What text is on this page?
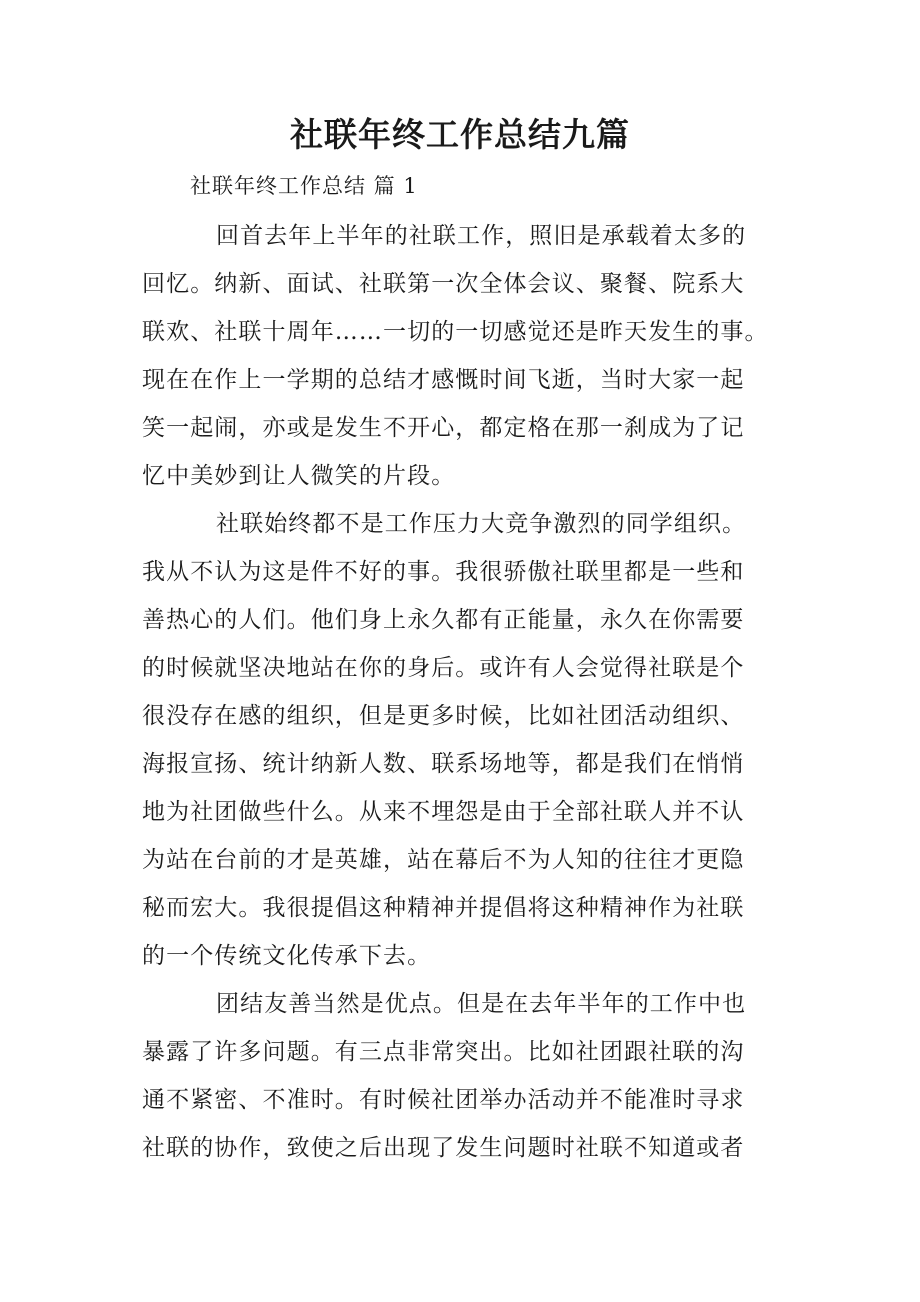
社联年终工作总结九篇

社联年终工作总结 篇 1

回首去年上半年的社联工作，照旧是承载着太多的
回忆。纳新、面试、社联第一次全体会议、聚餐、院系大
联欢、社联十周年……一切的一切感觉还是昨天发生的事。
现在在作上一学期的总结才感慨时间飞逝，当时大家一起
笑一起闹，亦或是发生不开心，都定格在那一刹成为了记
忆中美妙到让人微笑的片段。

社联始终都不是工作压力大竞争激烈的同学组织。
我从不认为这是件不好的事。我很骄傲社联里都是一些和
善热心的人们。他们身上永久都有正能量，永久在你需要
的时候就坚决地站在你的身后。或许有人会觉得社联是个
很没存在感的组织，但是更多时候，比如社团活动组织、
海报宣扬、统计纳新人数、联系场地等，都是我们在悄悄
地为社团做些什么。从来不埋怨是由于全部社联人并不认
为站在台前的才是英雄，站在幕后不为人知的往往才更隐
秘而宏大。我很提倡这种精神并提倡将这种精神作为社联
的一个传统文化传承下去。

团结友善当然是优点。但是在去年半年的工作中也
暴露了许多问题。有三点非常突出。比如社团跟社联的沟
通不紧密、不准时。有时候社团举办活动并不能准时寻求
社联的协作，致使之后出现了发生问题时社联不知道或者
